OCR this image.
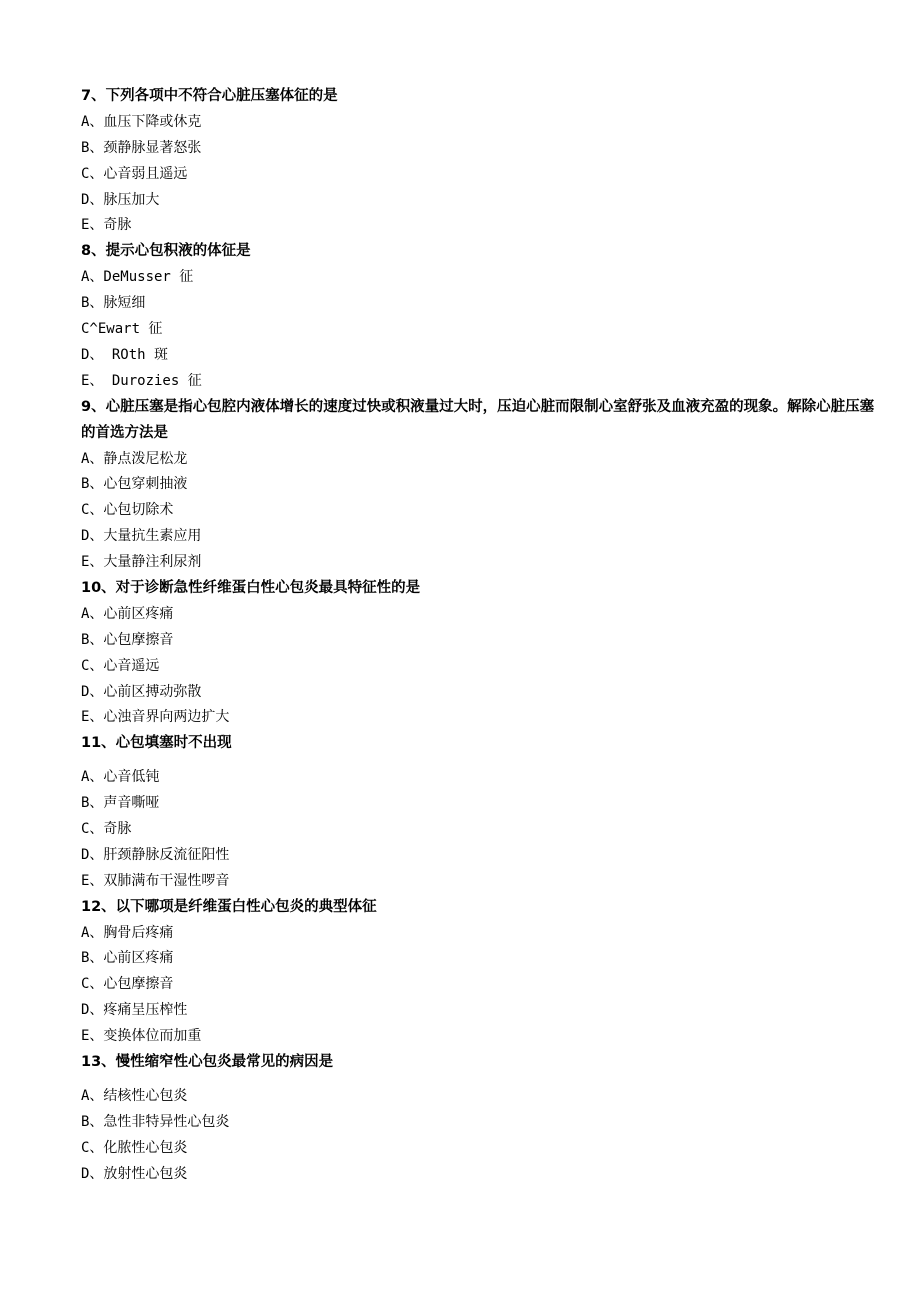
7、下列各项中不符合心脏压塞体征的是
A、血压下降或休克
B、颈静脉显著怒张
C、心音弱且遥远
D、脉压加大
E、奇脉
8、提示心包积液的体征是
A、DeMusser 征
B、脉短细
C^Ewart 征
D、 ROth 斑
E、 Durozies 征
9、心脏压塞是指心包腔内液体增长的速度过快或积液量过大时，压迫心脏而限制心室舒张及血液充盈的现象。解除心脏压塞的首选方法是
A、静点泼尼松龙
B、心包穿刺抽液
C、心包切除术
D、大量抗生素应用
E、大量静注利尿剂
10、对于诊断急性纤维蛋白性心包炎最具特征性的是
A、心前区疼痛
B、心包摩擦音
C、心音遥远
D、心前区搏动弥散
E、心浊音界向两边扩大
11、心包填塞时不出现
A、心音低钝
B、声音嘶哑
C、奇脉
D、肝颈静脉反流征阳性
E、双肺满布干湿性啰音
12、以下哪项是纤维蛋白性心包炎的典型体征
A、胸骨后疼痛
B、心前区疼痛
C、心包摩擦音
D、疼痛呈压榨性
E、变换体位而加重
13、慢性缩窄性心包炎最常见的病因是
A、结核性心包炎
B、急性非特异性心包炎
C、化脓性心包炎
D、放射性心包炎
